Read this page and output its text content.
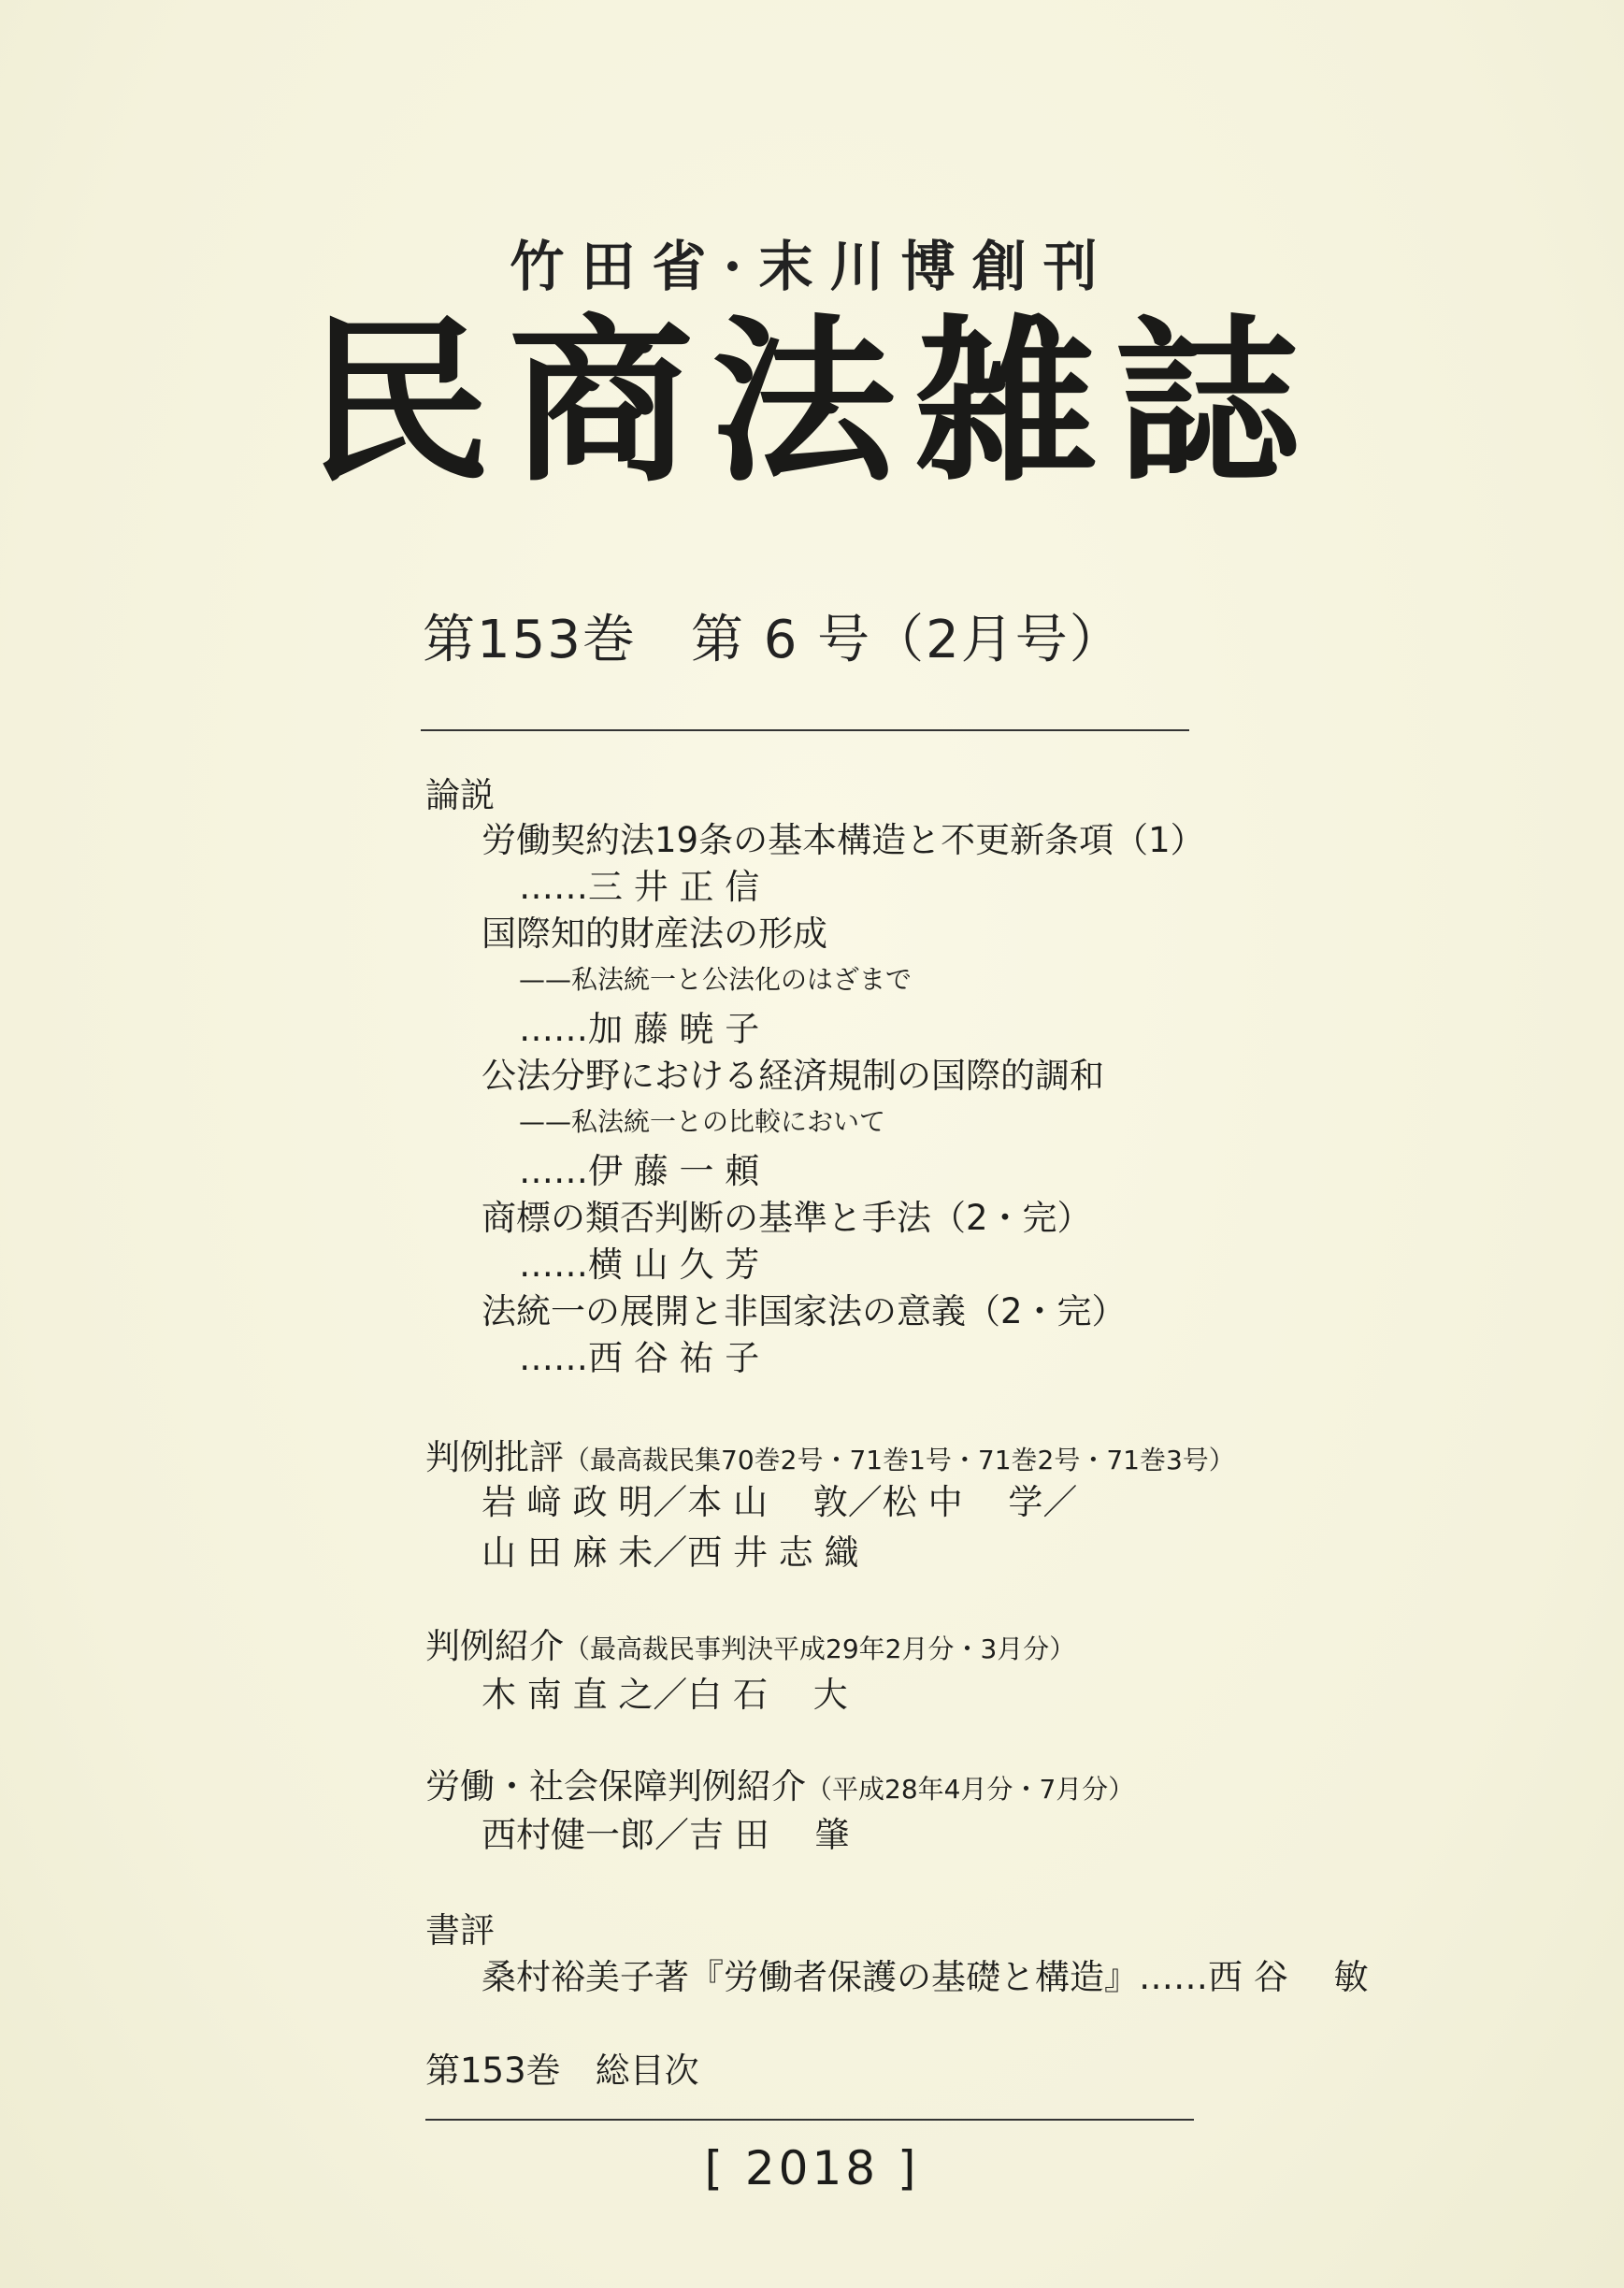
竹田省·末川博創刊
民商法雑誌
第153巻　第 6 号（2月号）
論説
労働契約法19条の基本構造と不更新条項（1）
……三 井 正 信
国際知的財産法の形成
——私法統一と公法化のはざまで
……加 藤 暁 子
公法分野における経済規制の国際的調和
——私法統一との比較において
……伊 藤 一 頼
商標の類否判断の基準と手法（2・完）
……横 山 久 芳
法統一の展開と非国家法の意義（2・完）
……西 谷 祐 子
判例批評（最高裁民集70巻2号・71巻1号・71巻2号・71巻3号）
岩 﨑 政 明／本 山　 敦／松 中　 学／
山 田 麻 未／西 井 志 織
判例紹介（最高裁民事判決平成29年2月分・3月分）
木 南 直 之／白 石　 大
労働・社会保障判例紹介（平成28年4月分・7月分）
西村健一郎／吉 田　 肇
書評
桑村裕美子著『労働者保護の基礎と構造』……西 谷　 敏
第153巻　総目次
[ 2018 ]
